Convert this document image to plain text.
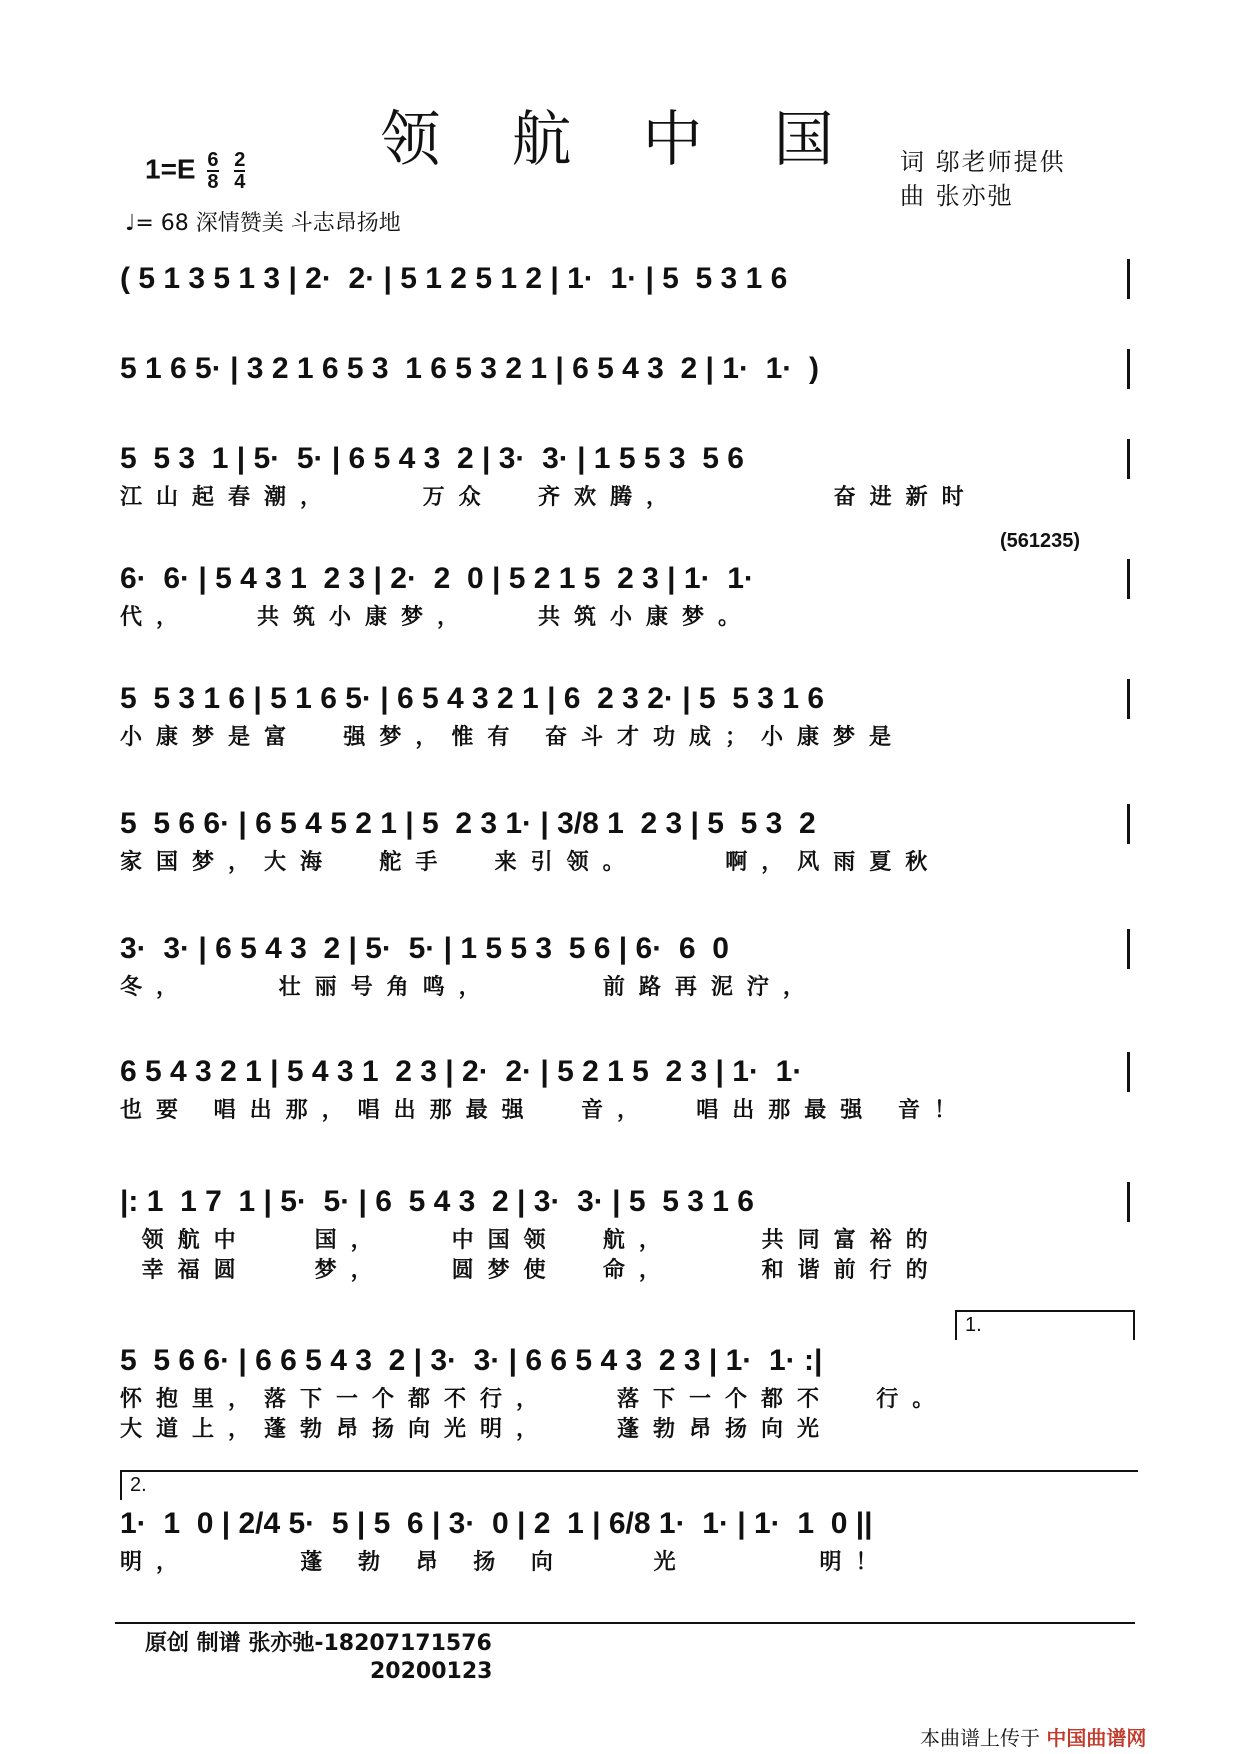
领 航 中 国
$1=E \frac{6}{8}$
$\frac{2}{4}$
♩= 68 深情赞美 斗志昂扬地
词 邬老师提供
曲 张亦弛
(561235)
( 5 1 3 5 1 3 | 2·  2· | 5 1 2 5 1 2 | 1·  1· | 5  5 3 1 6
5 1 6 5· | 3 2 1 6 5 3  1 6 5 3 2 1 | 6 5 4 3  2 | 1·  1·  )
5  5 3  1 | 5·  5· | 6 5 4 3  2 | 3·  3· | 1 5 5 3  5 6
江山起春潮，    万众  齐欢腾，       奋进新时
6·  6· | 5 4 3 1  2 3 | 2·  2  0 | 5 2 1 5  2 3 | 1·  1·
代，   共筑小康梦，   共筑小康梦。
5  5 3 1 6 | 5 1 6 5· | 6 5 4 3 2 1 | 6  2 3 2· | 5  5 3 1 6
小康梦是富  强梦，惟有 奋斗才功成；小康梦是
5  5 6 6· | 6 5 4 5 2 1 | 5  2 3 1· | 3/8 1  2 3 | 5  5 3  2
家国梦，大海  舵手  来引领。    啊，风雨夏秋
3·  3· | 6 5 4 3  2 | 5·  5· | 1 5 5 3  5 6 | 6·  6  0
冬，    壮丽号角鸣，     前路再泥泞，
6 5 4 3 2 1 | 5 4 3 1  2 3 | 2·  2· | 5 2 1 5  2 3 | 1·  1·
也要 唱出那，唱出那最强  音，  唱出那最强 音！
|: 1  1 7  1 | 5·  5· | 6  5 4 3  2 | 3·  3· | 5  5 3 1 6
领航中   国，   中国领  航，    共同富裕的
幸福圆   梦，   圆梦使  命，    和谐前行的
1.
5  5 6 6· | 6 6 5 4 3  2 | 3·  3· | 6 6 5 4 3  2 3 | 1·  1· :|
怀抱里，落下一个都不行，   落下一个都不  行。
大道上，蓬勃昂扬向光明，   蓬勃昂扬向光
2.
1·  1  0 | 2/4 5·  5 | 5  6 | 3·  0 | 2  1 | 6/8 1·  1· | 1·  1  0 ||
明，     蓬 勃 昂 扬 向    光      明！
原创 制谱 张亦弛-18207171576
20200123
本曲谱上传于 中国曲谱网
